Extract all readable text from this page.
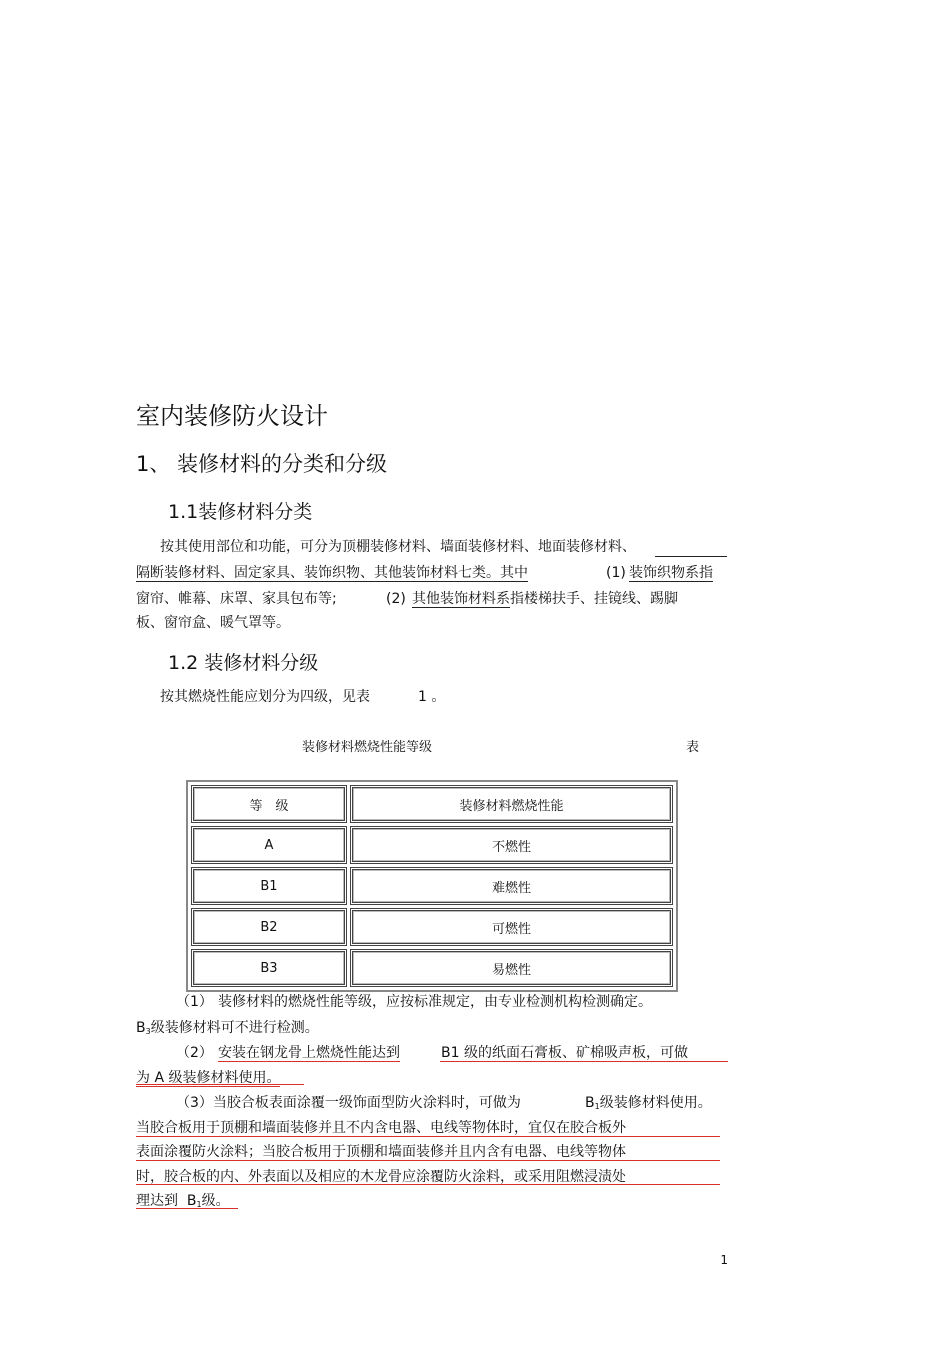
室内装修防火设计
1、 装修材料的分类和分级
1.1装修材料分类
按其使用部位和功能，可分为顶棚装修材料、墙面装修材料、地面装修材料、
隔断装修材料、固定家具、装饰织物、其他装饰材料七类。其中	(1) 装饰织物系指
窗帘、帷幕、床罩、家具包布等;	(2) 其他装饰材料系指楼梯扶手、挂镜线、踢脚
板、窗帘盒、暖气罩等。
1.2 装修材料分级
按其燃烧性能应划分为四级，见表	1 。
装修材料燃烧性能等级	表
等　级	装修材料燃烧性能
A	不燃性
B1	难燃性
B2	可燃性
B3	易燃性
（1） 装修材料的燃烧性能等级，应按标准规定，由专业检测机构检测确定。
$B_3$级装修材料可不进行检测。
（2） 安装在钢龙骨上燃烧性能达到	B1 级的纸面石膏板、矿棉吸声板，可做
为 A 级装修材料使用。
（3）当胶合板表面涂覆一级饰面型防火涂料时，可做为	$B_1$级装修材料使用。
当胶合板用于顶棚和墙面装修并且不内含电器、电线等物体时，宜仅在胶合板外
表面涂覆防火涂料；当胶合板用于顶棚和墙面装修并且内含有电器、电线等物体
时，胶合板的内、外表面以及相应的木龙骨应涂覆防火涂料，或采用阻燃浸渍处
理达到 $B_1$级。
1
